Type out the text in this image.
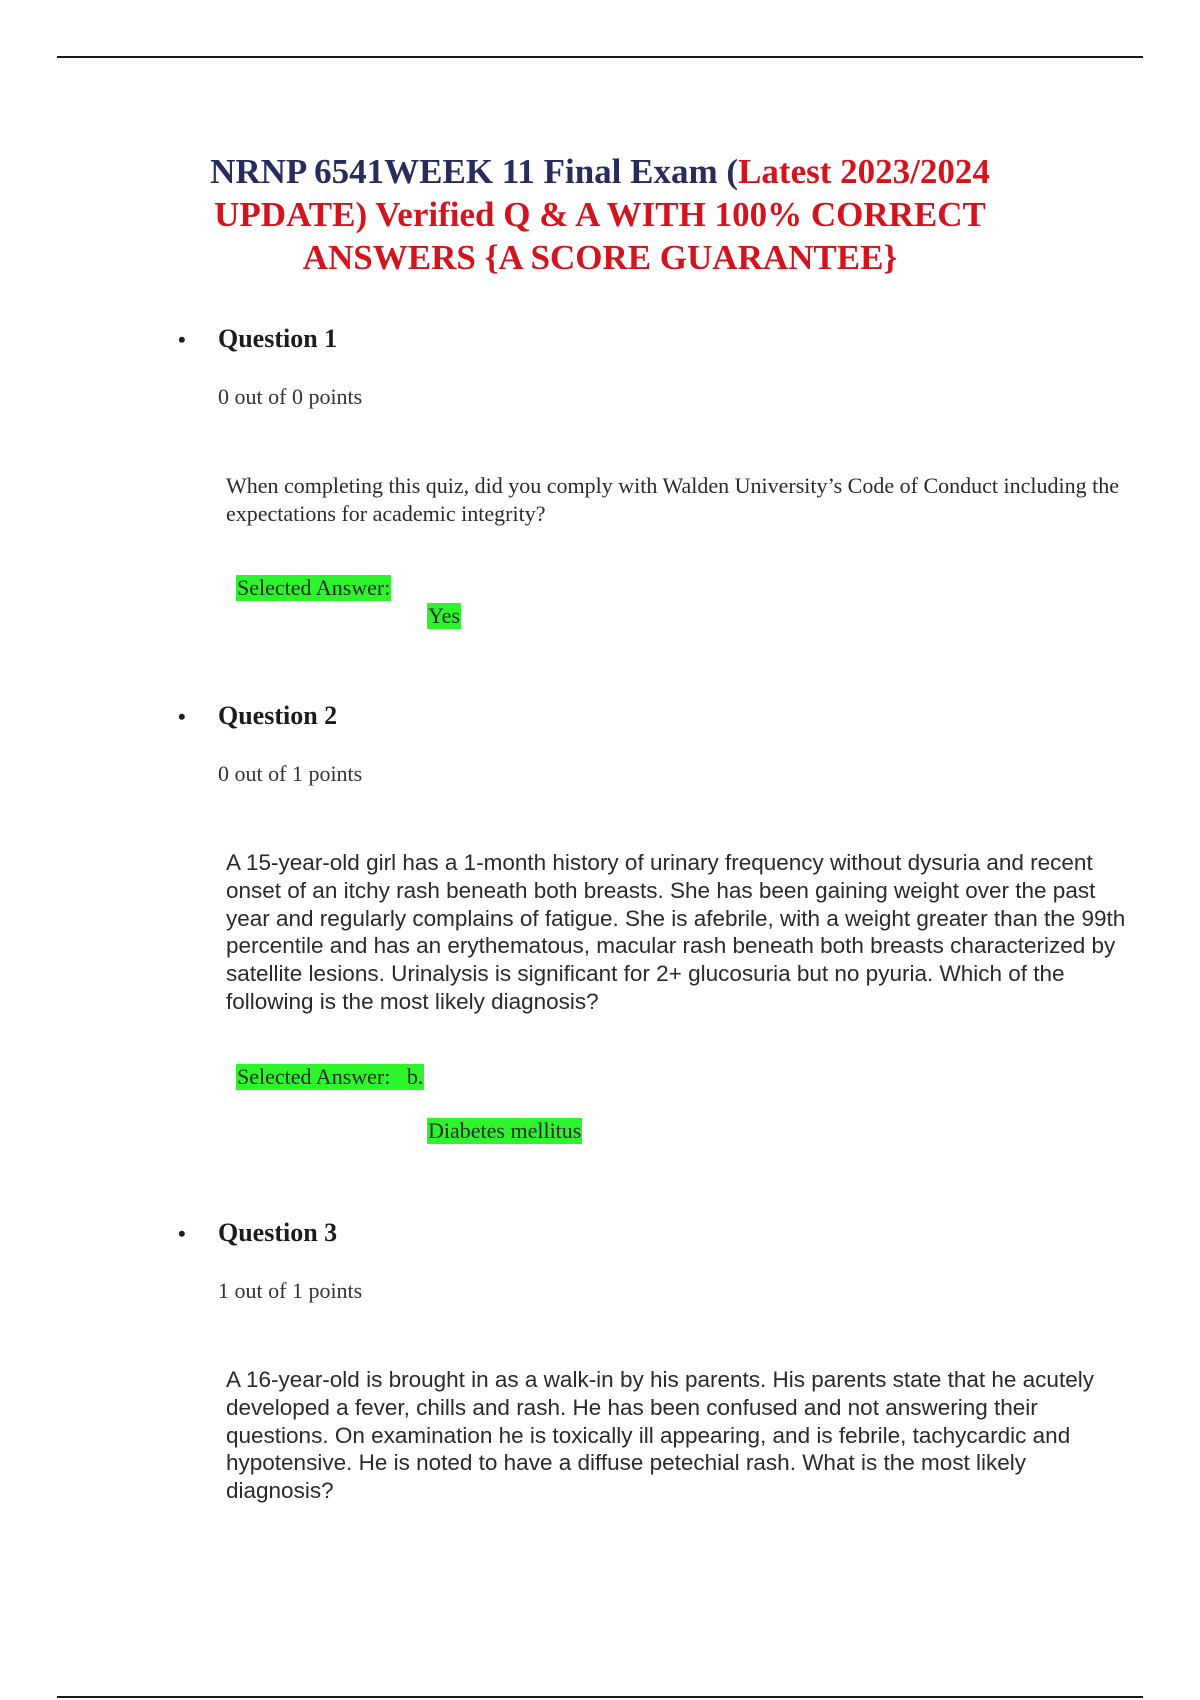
NRNP 6541WEEK 11 Final Exam (Latest 2023/2024 UPDATE) Verified Q & A WITH 100% CORRECT ANSWERS {A SCORE GUARANTEE}
• Question 1
0 out of 0 points

When completing this quiz, did you comply with Walden University’s Code of Conduct including the expectations for academic integrity?

Selected Answer:
Yes
• Question 2
0 out of 1 points

A 15-year-old girl has a 1-month history of urinary frequency without dysuria and recent onset of an itchy rash beneath both breasts. She has been gaining weight over the past year and regularly complains of fatigue. She is afebrile, with a weight greater than the 99th percentile and has an erythematous, macular rash beneath both breasts characterized by satellite lesions. Urinalysis is significant for 2+ glucosuria but no pyuria. Which of the following is the most likely diagnosis?

Selected Answer: b.
Diabetes mellitus
• Question 3
1 out of 1 points

A 16-year-old is brought in as a walk-in by his parents. His parents state that he acutely developed a fever, chills and rash. He has been confused and not answering their questions. On examination he is toxically ill appearing, and is febrile, tachycardic and hypotensive. He is noted to have a diffuse petechial rash. What is the most likely diagnosis?
